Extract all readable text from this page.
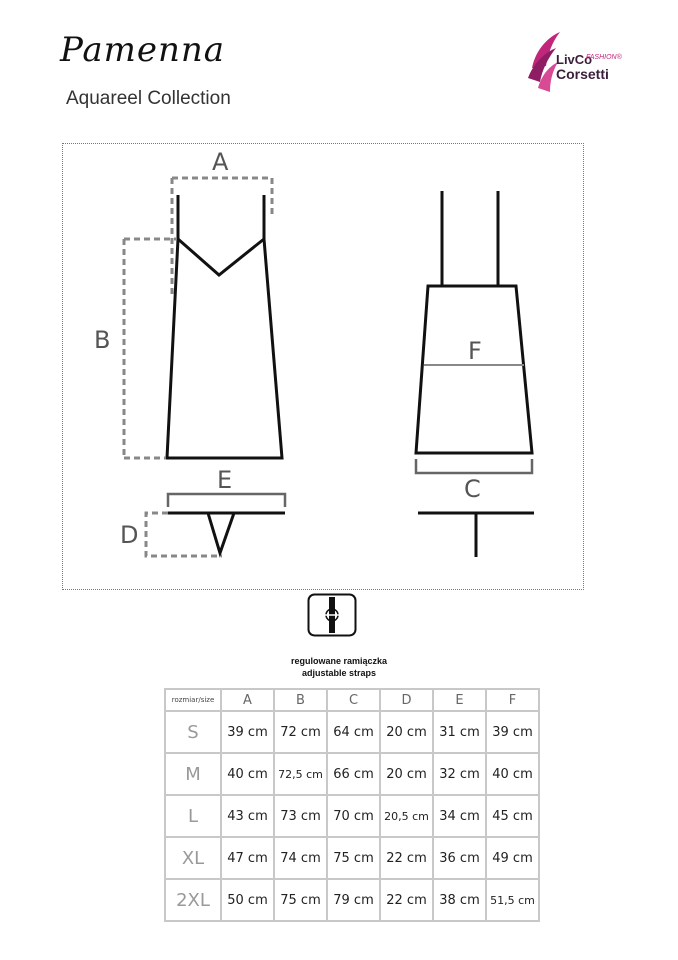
Pamenna
Aquareel Collection
LivCo
FASHION®
Corsetti
A
B
E
D
F
C
regulowane ramiączka
adjustable straps
rozmiar/size	A	B	C	D	E	F
S	39 cm	72 cm	64 cm	20 cm	31 cm	39 cm
M	40 cm	72,5 cm	66 cm	20 cm	32 cm	40 cm
L	43 cm	73 cm	70 cm	20,5 cm	34 cm	45 cm
XL	47 cm	74 cm	75 cm	22 cm	36 cm	49 cm
2XL	50 cm	75 cm	79 cm	22 cm	38 cm	51,5 cm
